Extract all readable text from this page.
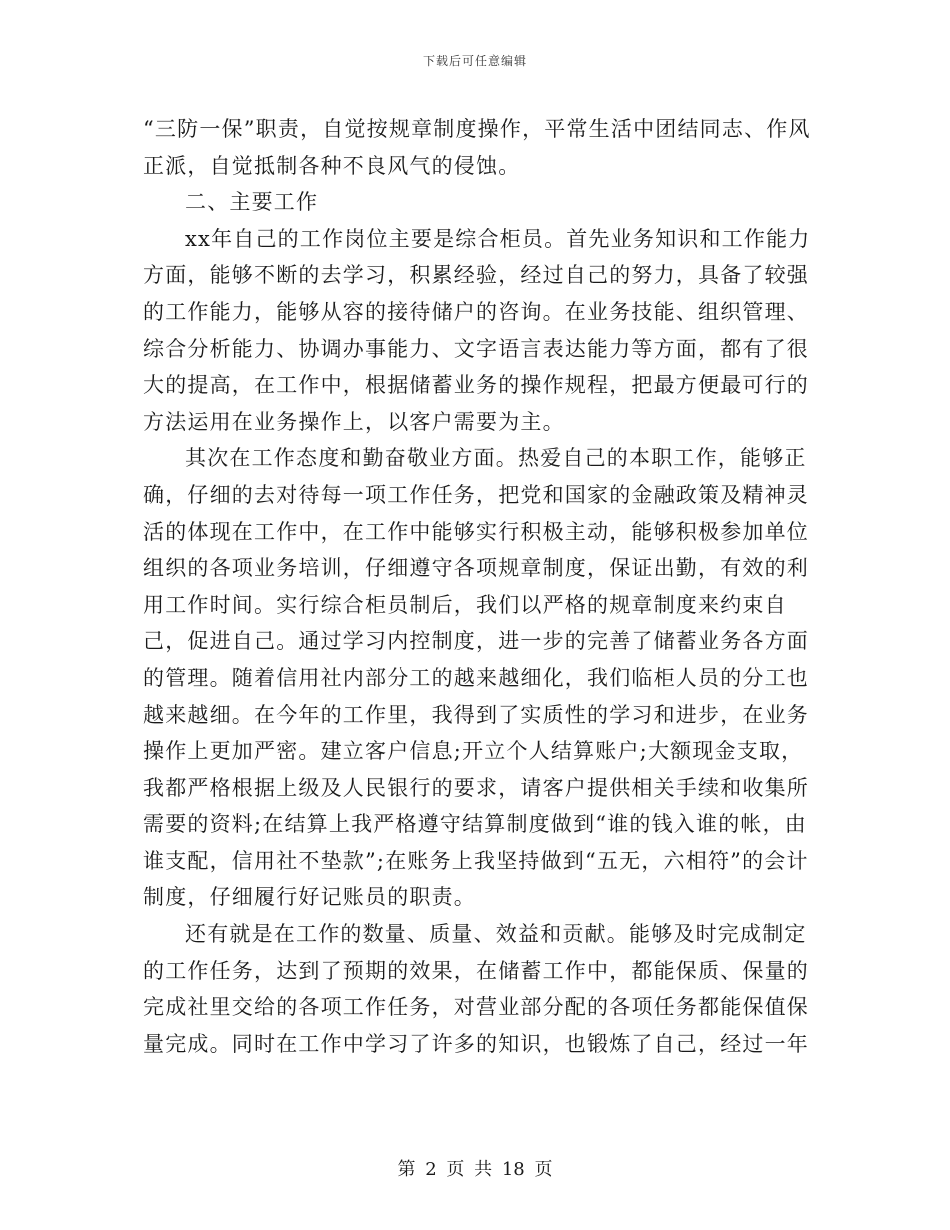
下载后可任意编辑

“三防一保”职责，自觉按规章制度操作，平常生活中团结同志、作风正派，自觉抵制各种不良风气的侵蚀。

二、主要工作

xx年自己的工作岗位主要是综合柜员。首先业务知识和工作能力方面，能够不断的去学习，积累经验，经过自己的努力，具备了较强的工作能力，能够从容的接待储户的咨询。在业务技能、组织管理、综合分析能力、协调办事能力、文字语言表达能力等方面，都有了很大的提高，在工作中，根据储蓄业务的操作规程，把最方便最可行的方法运用在业务操作上，以客户需要为主。

其次在工作态度和勤奋敬业方面。热爱自己的本职工作，能够正确，仔细的去对待每一项工作任务，把党和国家的金融政策及精神灵活的体现在工作中，在工作中能够实行积极主动，能够积极参加单位组织的各项业务培训，仔细遵守各项规章制度，保证出勤，有效的利用工作时间。实行综合柜员制后，我们以严格的规章制度来约束自己，促进自己。通过学习内控制度，进一步的完善了储蓄业务各方面的管理。随着信用社内部分工的越来越细化，我们临柜人员的分工也越来越细。在今年的工作里，我得到了实质性的学习和进步，在业务操作上更加严密。建立客户信息;开立个人结算账户;大额现金支取，我都严格根据上级及人民银行的要求，请客户提供相关手续和收集所需要的资料;在结算上我严格遵守结算制度做到“谁的钱入谁的帐，由谁支配，信用社不垫款”;在账务上我坚持做到“五无，六相符”的会计制度，仔细履行好记账员的职责。

还有就是在工作的数量、质量、效益和贡献。能够及时完成制定的工作任务，达到了预期的效果，在储蓄工作中，都能保质、保量的完成社里交给的各项工作任务，对营业部分配的各项任务都能保值保量完成。同时在工作中学习了许多的知识，也锻炼了自己，经过一年

第 2 页 共 18 页
